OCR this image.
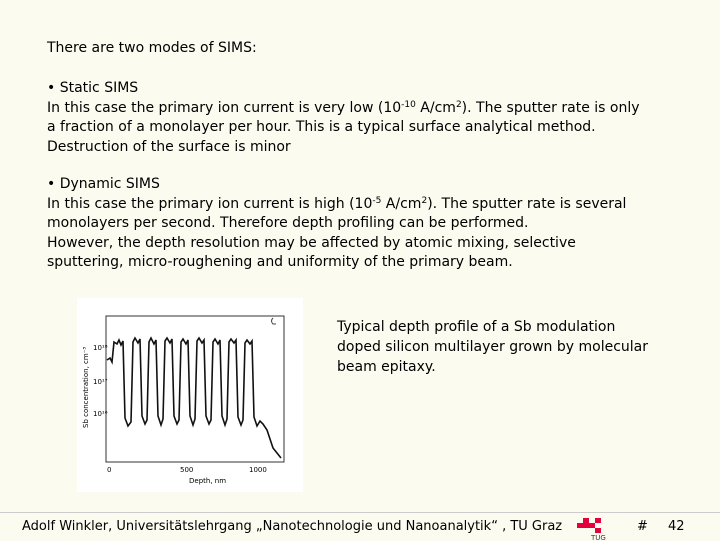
There are two modes of SIMS:
• Static SIMS
In this case the primary ion current is very low ($10^{-10}$ $A/cm^2$). The sputter rate is only
a fraction of a monolayer per hour. This is a typical surface analytical method.
Destruction of the surface is minor
• Dynamic SIMS
In this case the primary ion current is high ($10^{-5}$ $A/cm^2$). The sputter rate is several
monolayers per second. Therefore depth profiling can be performed.
However, the depth resolution may be affected by atomic mixing, selective
sputtering, micro-roughening and uniformity of the primary beam.
Sb concentration, cm⁻³ 10¹⁸
10¹⁷
10¹⁶
0	500	1000
Depth, nm
Typical depth profile of a Sb modulation
doped silicon multilayer grown by molecular
beam epitaxy.
Adolf Winkler, Universitätslehrgang „Nanotechnologie und Nanoanalytik“ , TU Graz
TUG
# 42
